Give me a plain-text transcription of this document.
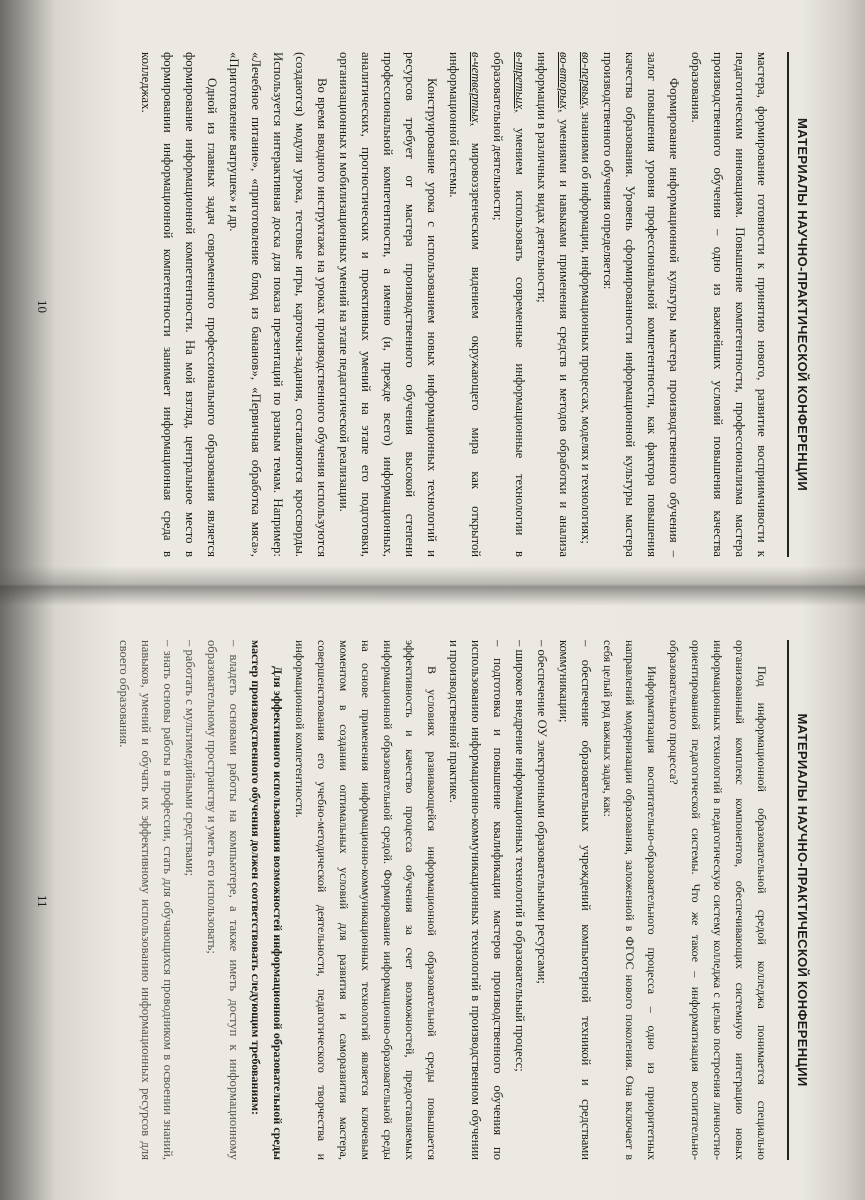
МАТЕРИАЛЫ НАУЧНО-ПРАКТИЧЕСКОЙ КОНФЕРЕНЦИИ

мастера, формирование готовности к принятию нового, развитие восприимчивости к педагогическим инновациям. Повышение компетентности, профессионализма мастера производственного обучения – одно из важнейших условий повышения качества образования.

Формирование информационной культуры мастера производственного обучения – залог повышения уровня профессиональной компетентности, как фактора повышения качества образования. Уровень сформированности информационной культуры мастера производственного обучения определяется:

во-первых, знаниями об информации, информационных процессах, моделях и технологиях;

во-вторых, умениями и навыками применения средств и методов обработки и анализа информации в различных видах деятельности;

в-третьих, умением использовать современные информационные технологии в образовательной деятельности;

в-четвертых, мировоззренческим видением окружающего мира как открытой информационной системы.

Конструирование урока с использованием новых информационных технологий и ресурсов требует от мастера производственного обучения высокой степени профессиональной компетентности, а именно (и, прежде всего) информационных, аналитических, прогностических и проективных умений на этапе его подготовки, организационных и мобилизационных умений на этапе педагогической реализации.

Во время вводного инструктажа на уроках производственного обучения используются (создаются) модули урока, тестовые игры, карточки-задания, составляются кроссворды. Используется интерактивная доска для показа презентаций по разным темам. Например: «Лечебное питание», «приготовление блюд из бананов», «Первичная обработка мяса», «Приготовление ватрушек» и др.

Одной из главных задач современного профессионального образования является формирование информационной компетентности. На мой взгляд, центральное место в формировании информационной компетентности занимает информационная среда в колледжах.

10
МАТЕРИАЛЫ НАУЧНО-ПРАКТИЧЕСКОЙ КОНФЕРЕНЦИИ

Под информационной образовательной средой колледжа понимается специально организованный комплекс компонентов, обеспечивающих системную интеграцию новых информационных технологий в педагогическую систему колледжа с целью построения личностно-ориентированной педагогической системы. Что же такое – информатизация воспитательно-образовательного процесса?

Информатизация воспитательно-образовательного процесса – одно из приоритетных направлений модернизации образования, заложенной в ФГОС нового поколения. Она включает в себя целый ряд важных задач, как:

– обеспечение образовательных учреждений компьютерной техникой и средствами коммуникации;

– обеспечение ОУ электронными образовательными ресурсами;

– широкое внедрение информационных технологий в образовательный процесс;

– подготовка и повышение квалификации мастеров производственного обучения по использованию информационно-коммуникационных технологий в производственном обучении и производственной практике.

В условиях развивающейся информационной образовательной среды повышается эффективность и качество процесса обучения за счет возможностей, предоставляемых информационной образовательной средой. Формирование информационно-образовательной среды на основе применения информационно-коммуникационных технологий является ключевым моментом в создании оптимальных условий для развития и саморазвития мастера, совершенствования его учебно-методической деятельности, педагогического творчества и информационной компетентности.

Для эффективного использования возможностей информационной образовательной среды мастер производственного обучения должен соответствовать следующим требованиям:

– владеть основами работы на компьютере, а также иметь доступ к информационному образовательному пространству и уметь его использовать;

– работать с мультимедийными средствами;

– знать основы работы в профессии, стать для обучающихся проводником в освоении знаний, навыков, умений и обучать их эффективному использованию информационных ресурсов для своего образования.

11
